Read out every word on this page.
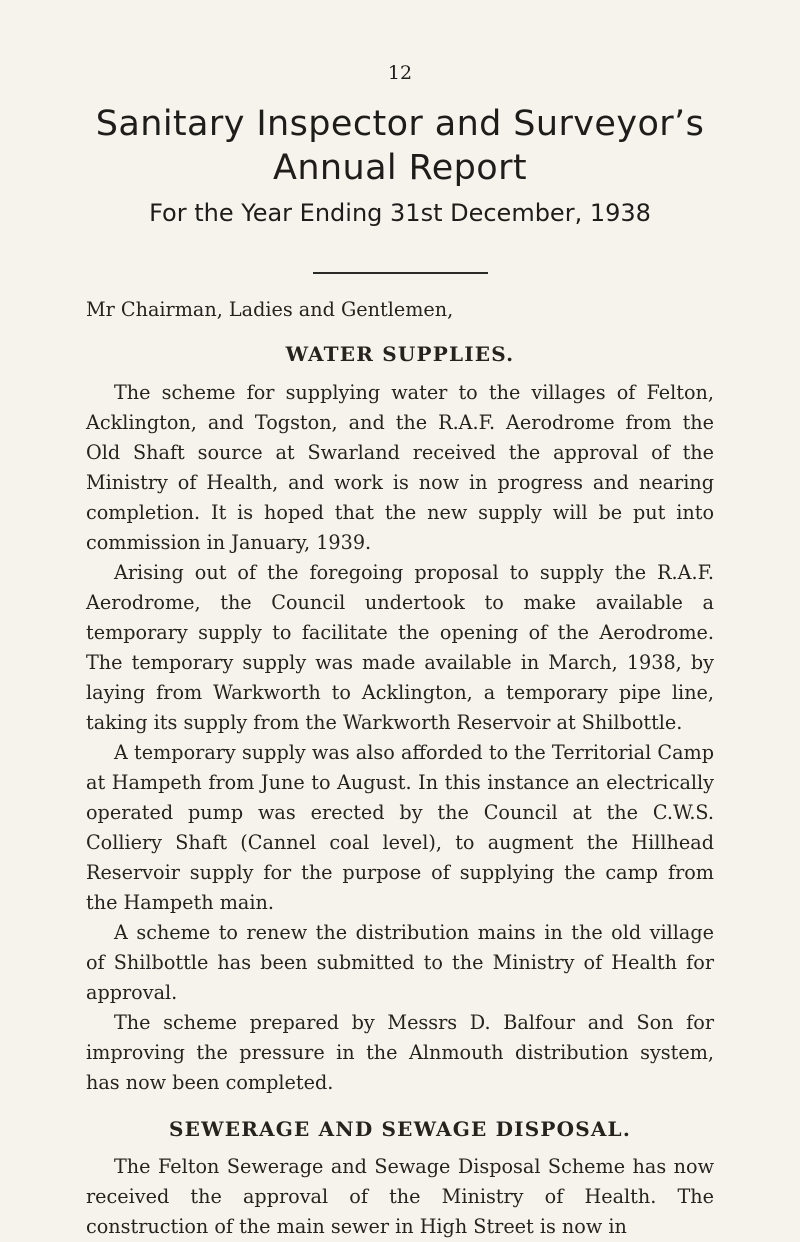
12
Sanitary Inspector and Surveyor’s
Annual Report
For the Year Ending 31st December, 1938
Mr Chairman, Ladies and Gentlemen,
WATER SUPPLIES.

The scheme for supplying water to the villages of Felton, Acklington, and Togston, and the R.A.F. Aerodrome from the Old Shaft source at Swarland received the approval of the Ministry of Health, and work is now in progress and nearing completion. It is hoped that the new supply will be put into commission in January, 1939.

Arising out of the foregoing proposal to supply the R.A.F. Aerodrome, the Council undertook to make available a temporary supply to facilitate the opening of the Aerodrome. The temporary supply was made available in March, 1938, by laying from Warkworth to Acklington, a temporary pipe line, taking its supply from the Warkworth Reservoir at Shilbottle.

A temporary supply was also afforded to the Territorial Camp at Hampeth from June to August. In this instance an electrically operated pump was erected by the Council at the C.W.S. Colliery Shaft (Cannel coal level), to augment the Hillhead Reservoir supply for the purpose of supplying the camp from the Hampeth main.

A scheme to renew the distribution mains in the old village of Shilbottle has been submitted to the Ministry of Health for approval.

The scheme prepared by Messrs D. Balfour and Son for improving the pressure in the Alnmouth distribution system, has now been completed.

SEWERAGE AND SEWAGE DISPOSAL.

The Felton Sewerage and Sewage Disposal Scheme has now received the approval of the Ministry of Health. The construction of the main sewer in High Street is now in
